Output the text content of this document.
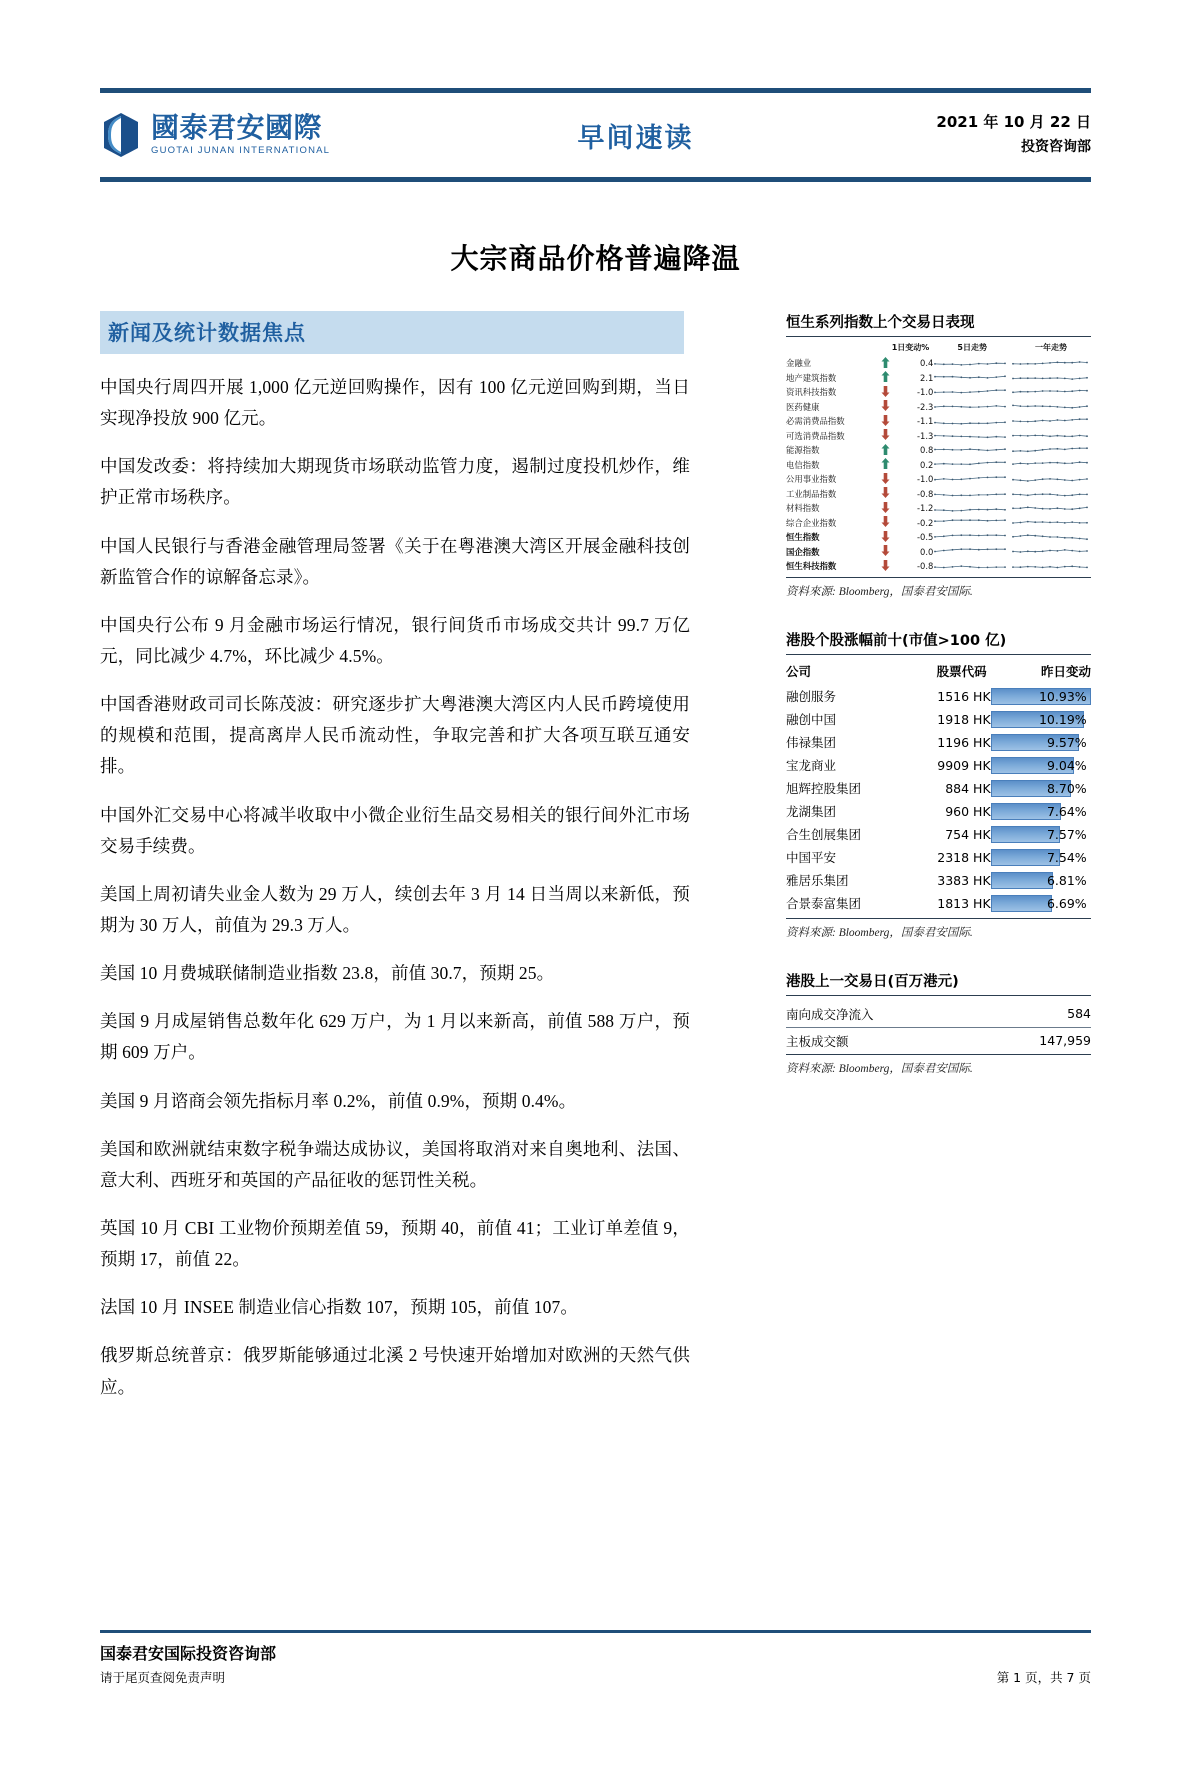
國泰君安國際
GUOTAI JUNAN INTERNATIONAL	早间速读
2021 年 10 月 22 日
投资咨询部
大宗商品价格普遍降温
新闻及统计数据焦点

中国央行周四开展 1,000 亿元逆回购操作，因有 100 亿元逆回购到期，当日实现净投放 900 亿元。

中国发改委：将持续加大期现货市场联动监管力度，遏制过度投机炒作，维护正常市场秩序。

中国人民银行与香港金融管理局签署《关于在粤港澳大湾区开展金融科技创新监管合作的谅解备忘录》。

中国央行公布 9 月金融市场运行情况，银行间货币市场成交共计 99.7 万亿元，同比减少 4.7%，环比减少 4.5%。

中国香港财政司司长陈茂波：研究逐步扩大粤港澳大湾区内人民币跨境使用的规模和范围，提高离岸人民币流动性，争取完善和扩大各项互联互通安排。

中国外汇交易中心将减半收取中小微企业衍生品交易相关的银行间外汇市场交易手续费。

美国上周初请失业金人数为 29 万人，续创去年 3 月 14 日当周以来新低，预期为 30 万人，前值为 29.3 万人。

美国 10 月费城联储制造业指数 23.8，前值 30.7，预期 25。

美国 9 月成屋销售总数年化 629 万户，为 1 月以来新高，前值 588 万户，预期 609 万户。

美国 9 月谘商会领先指标月率 0.2%，前值 0.9%，预期 0.4%。

美国和欧洲就结束数字税争端达成协议，美国将取消对来自奥地利、法国、意大利、西班牙和英国的产品征收的惩罚性关税。

英国 10 月 CBI 工业物价预期差值 59，预期 40，前值 41；工业订单差值 9，预期 17，前值 22。

法国 10 月 INSEE 制造业信心指数 107，预期 105，前值 107。

俄罗斯总统普京：俄罗斯能够通过北溪 2 号快速开始增加对欧洲的天然气供应。

恒生系列指数上个交易日表现
		1日变动%	5日走势	一年走势
金融业		0.4	

地产建筑指数		2.1	

资讯科技指数		-1.0	

医药健康		-2.3	

必需消费品指数		-1.1	

可选消费品指数		-1.3	

能源指数		0.8	

电信指数		0.2	

公用事业指数		-1.0	

工业制品指数		-0.8	

材料指数		-1.2	

综合企业指数		-0.2	

恒生指数		-0.5	

国企指数		0.0	

恒生科技指数		-0.8	

资料來源: Bloomberg，国泰君安国际.
港股个股涨幅前十(市值>100 亿)
公司	股票代码	昨日变动
融创服务	1516 HK	10.93%

融创中国	1918 HK	10.19%

伟禄集团	1196 HK	9.57%

宝龙商业	9909 HK	9.04%

旭辉控股集团	884 HK	8.70%

龙湖集团	960 HK	7.64%

合生创展集团	754 HK	7.57%

中国平安	2318 HK	7.54%

雅居乐集团	3383 HK	6.81%

合景泰富集团	1813 HK	6.69%
资料來源: Bloomberg，国泰君安国际.
港股上一交易日(百万港元)
南向成交净流入	584
主板成交额	147,959
资料來源: Bloomberg，国泰君安国际.
国泰君安国际投资咨询部
请于尾页查阅免责声明	第 1 页，共 7 页
